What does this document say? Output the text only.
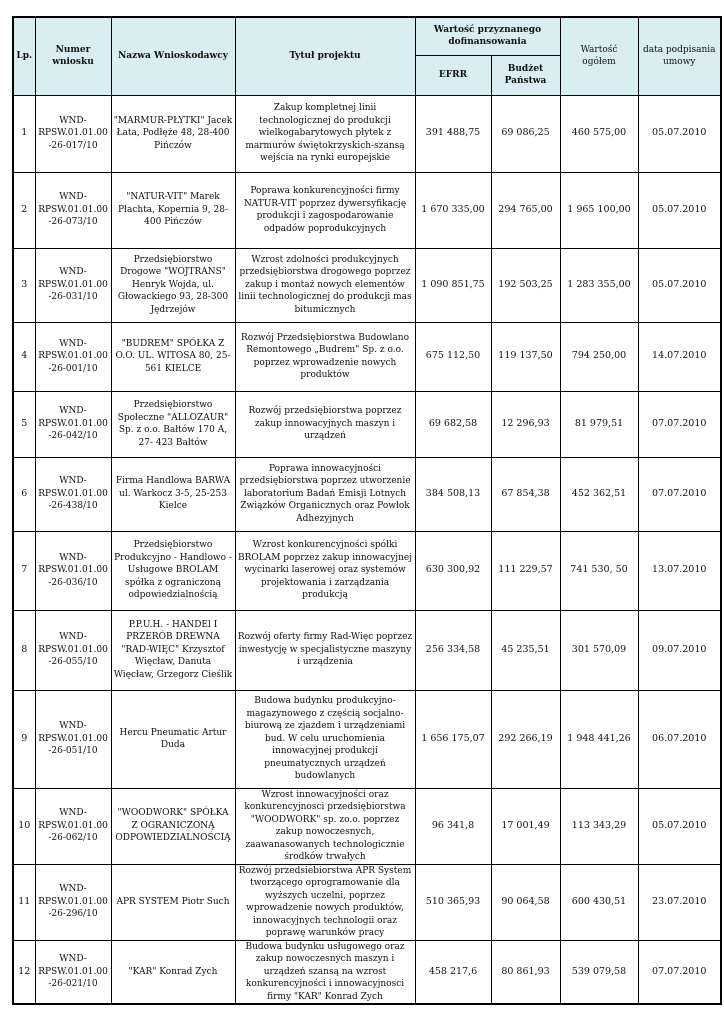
Lp.	Numer wniosku	Nazwa Wnioskodawcy	Tytuł projektu	Wartość przyznanego dofinansowania		Wartość ogółem	data podpisania umowy
				EFRR	Budżet Państwa		
1	WND-RPSW.01.01.00-26-017/10	"MARMUR-PŁYTKI" Jacek Łata, Podłęże 48, 28-400 Pińczów	Zakup kompletnej linii technologicznej do produkcji wielkogabarytowych płytek z marmurów świętokrzyskich-szansą wejścia na rynki europejskie	391 488,75	69 086,25	460 575,00	05.07.2010
2	WND-RPSW.01.01.00-26-073/10	"NATUR-VIT" Marek Płachta, Kopernia 9, 28-400 Pińczów	Poprawa konkurencyjności firmy NATUR-VIT poprzez dywersyfikację produkcji i zagospodarowanie odpadów poprodukcyjnych	1 670 335,00	294 765,00	1 965 100,00	05.07.2010
3	WND-RPSW.01.01.00-26-031/10	Przedsiębiorstwo Drogowe "WOJTRANS" Henryk Wojda, ul. Głowackiego 93, 28-300 Jędrzejów	Wzrost zdolności produkcyjnych przedsiębiorstwa drogowego poprzez zakup i montaż nowych elementów linii technologicznej do produkcji mas bitumicznych	1 090 851,75	192 503,25	1 283 355,00	05.07.2010
4	WND-RPSW.01.01.00-26-001/10	"BUDREM" SPÓŁKA Z O.O. UL. WITOSA 80, 25-561 KIELCE	Rozwój Przedsiębiorstwa Budowlano Remontowego „Budrem" Sp. z o.o. poprzez wprowadzenie nowych produktów	675 112,50	119 137,50	794 250,00	14.07.2010
5	WND-RPSW.01.01.00-26-042/10	Przedsiębiorstwo Społeczne "ALLOZAUR" Sp. z o.o. Bałtów 170 A, 27- 423 Bałtów	Rozwój przedsiębiorstwa poprzez zakup innowacyjnych maszyn i urządzeń	69 682,58	12 296,93	81 979,51	07.07.2010
6	WND-RPSW.01.01.00-26-438/10	Firma Handlowa BARWA ul. Warkocz 3-5, 25-253 Kielce	Poprawa innowacyjności przedsiębiorstwa poprzez utworzenie laboratorium Badań Emisji Lotnych Związków Organicznych oraz Powłok Adhezyjnych	384 508,13	67 854,38	452 362,51	07.07.2010
7	WND-RPSW.01.01.00-26-036/10	Przedsiębiorstwo Produkcyjno - Handlowo - Usługowe BROLAM spółka z ograniczoną odpowiedzialnością	Wzrost konkurencyjności spółki BROLAM poprzez zakup innowacyjnej wycinarki laserowej oraz systemów projektowania i zarządzania produkcją	630 300,92	111 229,57	741 530, 50	13.07.2010
8	WND-RPSW.01.01.00-26-055/10	P.P.U.H. - HANDEl I PRZERÓB DREWNA "RAD-WIĘC" Krzysztof Więcław, Danuta Więcław, Grzegorz Cieślik	Rozwój oferty firmy Rad-Więc poprzez inwestycję w specjalistyczne maszyny i urządzenia	256 334,58	45 235,51	301 570,09	09.07.2010
9	WND-RPSW.01.01.00-26-051/10	Hercu Pneumatic Artur Duda	Budowa budynku produkcyjno-magazynowego z częścią socjalno-biurową ze zjazdem i urządzeniami bud. W celu uruchomienia innowacyjnej produkcji pneumatycznych urządzeń budowlanych	1 656 175,07	292 266,19	1 948 441,26	06.07.2010
10	WND-RPSW.01.01.00-26-062/10	"WOODWORK" SPÓŁKA Z OGRANICZONĄ ODPOWIEDZIALNOŚCIĄ	Wzrost innowacyjności oraz konkurencyjnosci przedsiębiorstwa "WOODWORK" sp. zo.o. poprzez zakup nowoczesnych, zaawanasowanych technologicznie środków trwałych	96 341,8	17 001,49	113 343,29	05.07.2010
11	WND-RPSW.01.01.00-26-296/10	APR SYSTEM Piotr Such	Rozwój przedsiebiorstwa APR System tworzącego oprogramowanie dla wyższych uczelni, poprzez wprowadzenie nowych produktów, innowacyjnych technologii oraz poprawę warunków pracy	510 365,93	90 064,58	600 430,51	23.07.2010
12	WND-RPSW.01.01.00 -26-021/10	"KAR" Konrad Zych	Budowa budynku usługowego oraz zakup nowoczesnych maszyn i urządzeń szansą na wzrost konkurencyjności i innowacyjnosci firmy "KAR" Konrad Zych	458 217,6	80 861,93	539 079,58	07.07.2010
